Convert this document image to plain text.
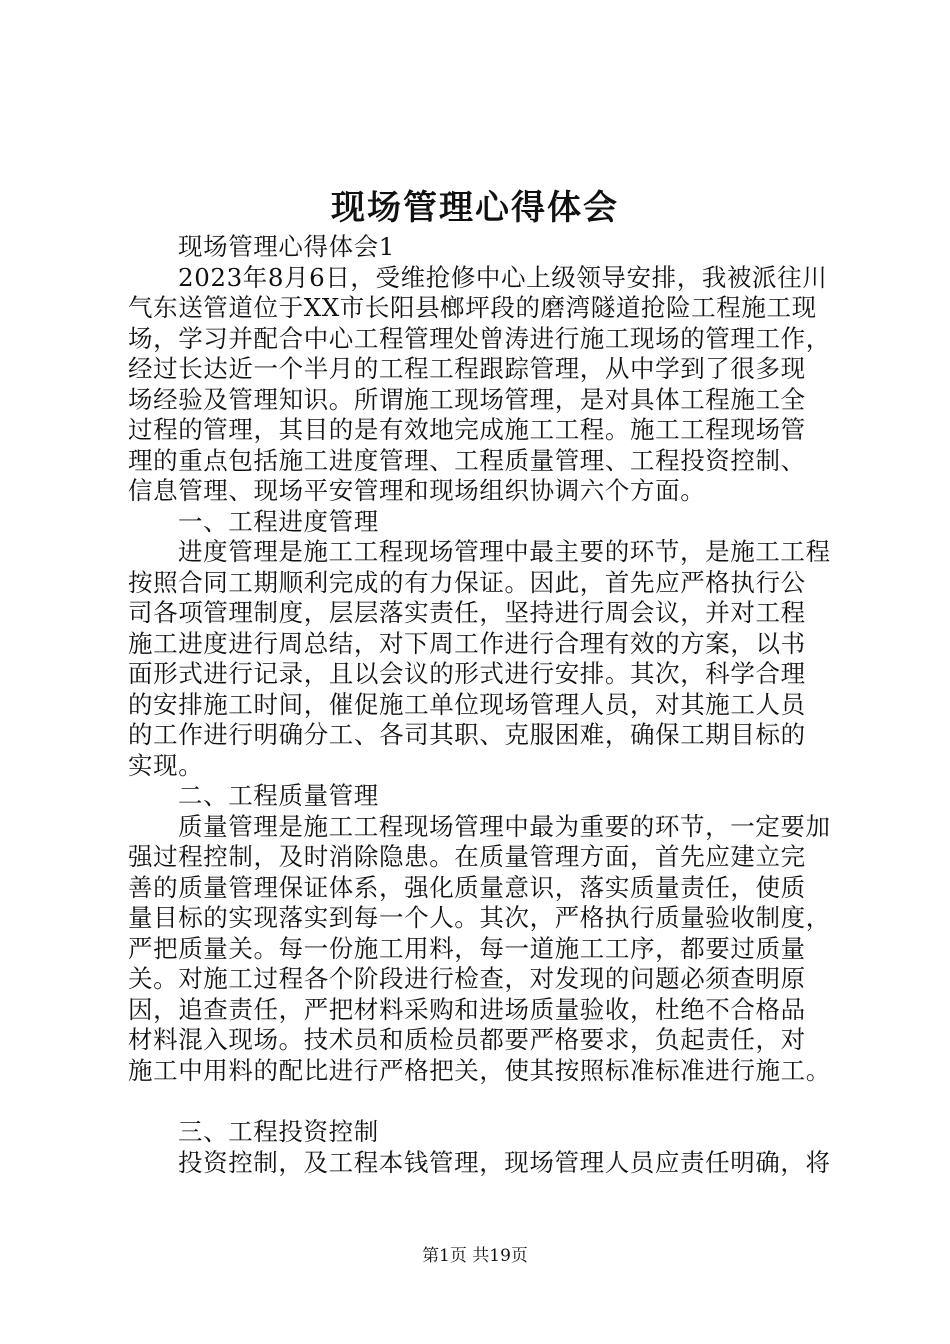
现场管理心得体会
现场管理心得体会1
2023年8月6日，受维抢修中心上级领导安排，我被派往川
气东送管道位于XX市长阳县榔坪段的磨湾隧道抢险工程施工现
场，学习并配合中心工程管理处曾涛进行施工现场的管理工作，
经过长达近一个半月的工程工程跟踪管理，从中学到了很多现
场经验及管理知识。所谓施工现场管理，是对具体工程施工全
过程的管理，其目的是有效地完成施工工程。施工工程现场管
理的重点包括施工进度管理、工程质量管理、工程投资控制、
信息管理、现场平安管理和现场组织协调六个方面。
一、工程进度管理
进度管理是施工工程现场管理中最主要的环节，是施工工程
按照合同工期顺利完成的有力保证。因此，首先应严格执行公
司各项管理制度，层层落实责任，坚持进行周会议，并对工程
施工进度进行周总结，对下周工作进行合理有效的方案，以书
面形式进行记录，且以会议的形式进行安排。其次，科学合理
的安排施工时间，催促施工单位现场管理人员，对其施工人员
的工作进行明确分工、各司其职、克服困难，确保工期目标的
实现。
二、工程质量管理
质量管理是施工工程现场管理中最为重要的环节，一定要加
强过程控制，及时消除隐患。在质量管理方面，首先应建立完
善的质量管理保证体系，强化质量意识，落实质量责任，使质
量目标的实现落实到每一个人。其次，严格执行质量验收制度，
严把质量关。每一份施工用料，每一道施工工序，都要过质量
关。对施工过程各个阶段进行检查，对发现的问题必须查明原
因，追查责任，严把材料采购和进场质量验收，杜绝不合格品
材料混入现场。技术员和质检员都要严格要求，负起责任，对
施工中用料的配比进行严格把关，使其按照标准标准进行施工。
三、工程投资控制
投资控制，及工程本钱管理，现场管理人员应责任明确，将
第1页 共19页
